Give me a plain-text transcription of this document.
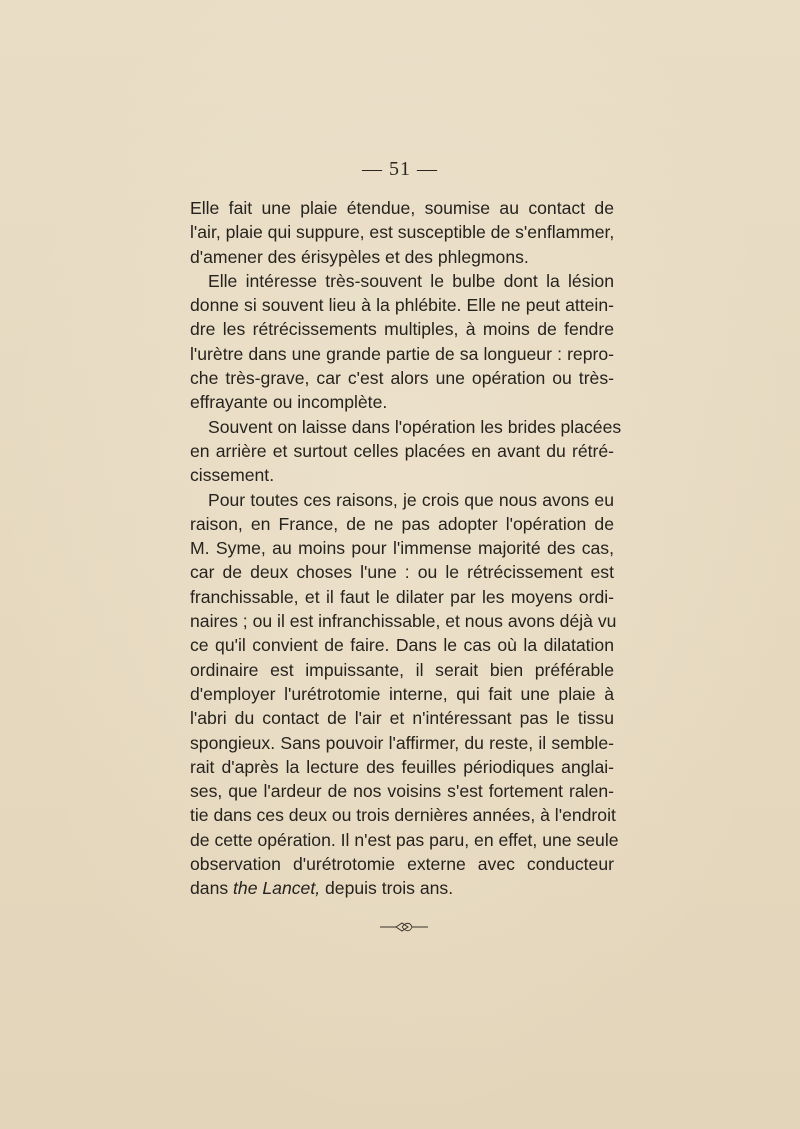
— 51 —
Elle fait une plaie étendue, soumise au contact de
l'air, plaie qui suppure, est susceptible de s'enflammer,
d'amener des érisypèles et des phlegmons.
Elle intéresse très-souvent le bulbe dont la lésion
donne si souvent lieu à la phlébite. Elle ne peut attein-
dre les rétrécissements multiples, à moins de fendre
l'urètre dans une grande partie de sa longueur : repro-
che très-grave, car c'est alors une opération ou très-
effrayante ou incomplète.
Souvent on laisse dans l'opération les brides placées
en arrière et surtout celles placées en avant du rétré-
cissement.
Pour toutes ces raisons, je crois que nous avons eu
raison, en France, de ne pas adopter l'opération de
M. Syme, au moins pour l'immense majorité des cas,
car de deux choses l'une : ou le rétrécissement est
franchissable, et il faut le dilater par les moyens ordi-
naires ; ou il est infranchissable, et nous avons déjà vu
ce qu'il convient de faire. Dans le cas où la dilatation
ordinaire est impuissante, il serait bien préférable
d'employer l'urétrotomie interne, qui fait une plaie à
l'abri du contact de l'air et n'intéressant pas le tissu
spongieux. Sans pouvoir l'affirmer, du reste, il semble-
rait d'après la lecture des feuilles périodiques anglai-
ses, que l'ardeur de nos voisins s'est fortement ralen-
tie dans ces deux ou trois dernières années, à l'endroit
de cette opération. Il n'est pas paru, en effet, une seule
observation d'urétrotomie externe avec conducteur
dans the Lancet, depuis trois ans.
